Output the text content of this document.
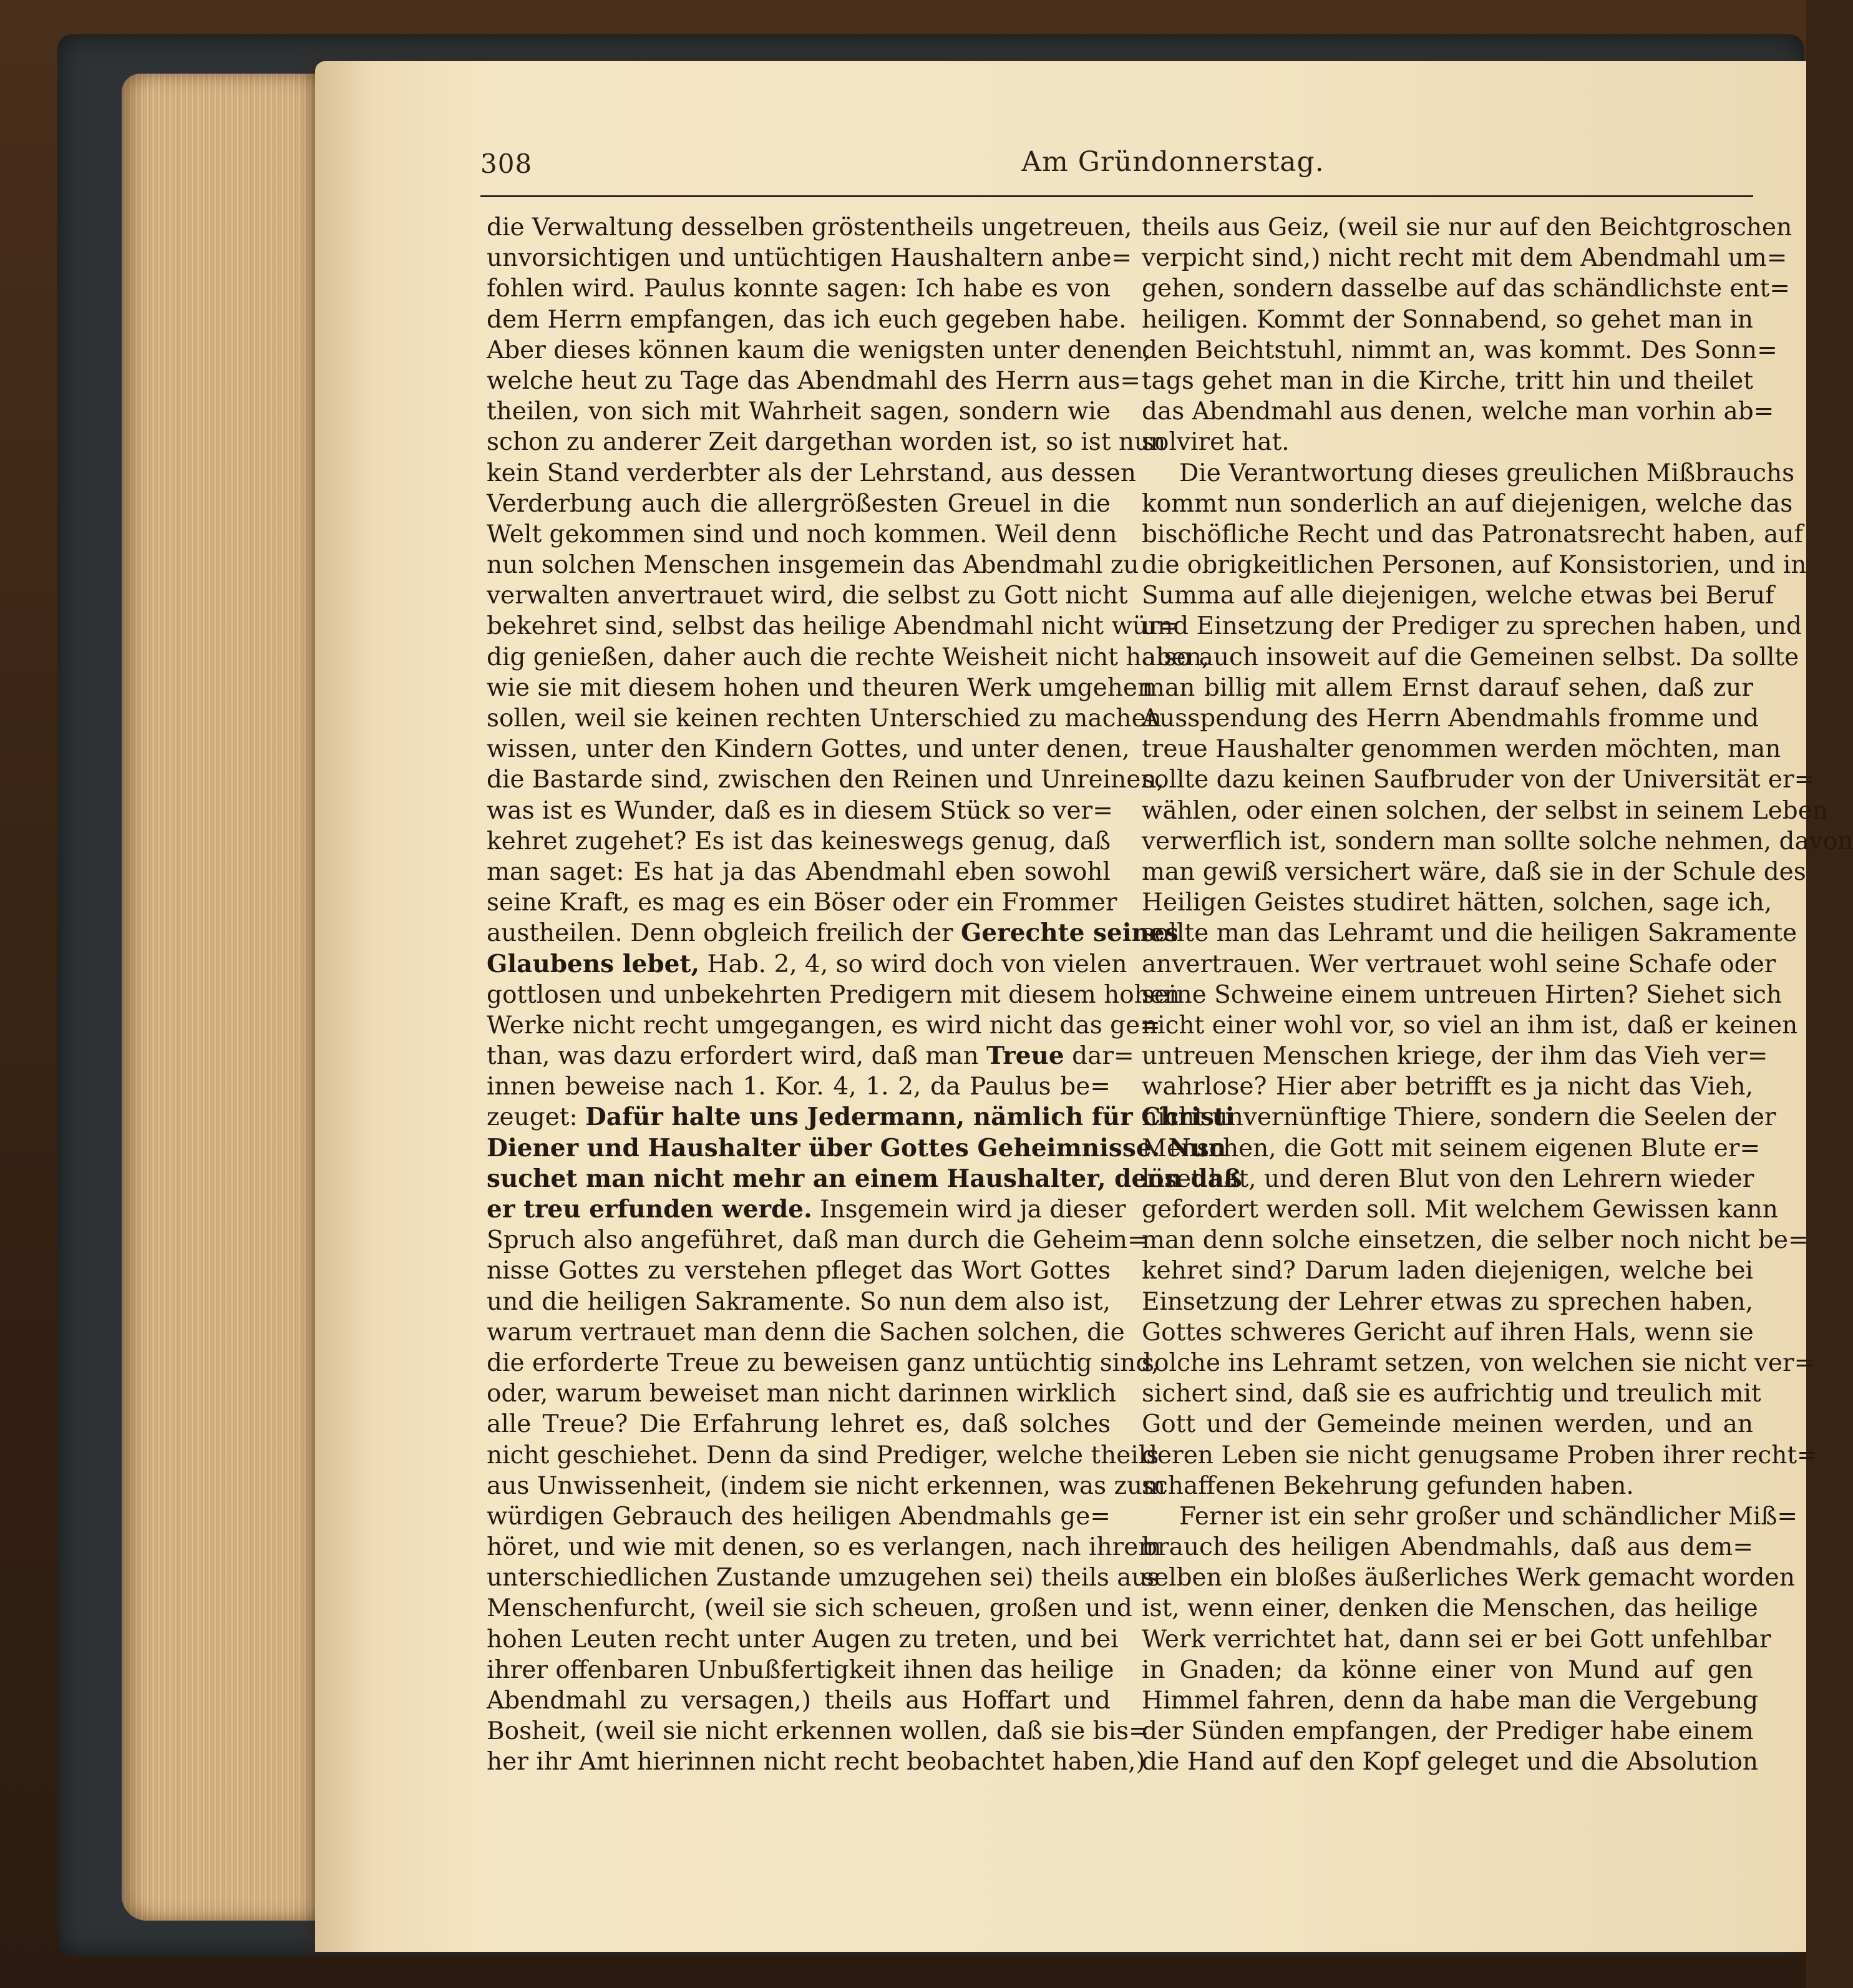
308	Am Gründonnerstag.
die Verwaltung desselben gröstentheils ungetreuen,
unvorsichtigen und untüchtigen Haushaltern anbe=
fohlen wird. Paulus konnte sagen: Ich habe es von
dem Herrn empfangen, das ich euch gegeben habe.
Aber dieses können kaum die wenigsten unter denen,
welche heut zu Tage das Abendmahl des Herrn aus=
theilen, von sich mit Wahrheit sagen, sondern wie
schon zu anderer Zeit dargethan worden ist, so ist nun
kein Stand verderbter als der Lehrstand, aus dessen
Verderbung auch die allergrößesten Greuel in die
Welt gekommen sind und noch kommen. Weil denn
nun solchen Menschen insgemein das Abendmahl zu
verwalten anvertrauet wird, die selbst zu Gott nicht
bekehret sind, selbst das heilige Abendmahl nicht wür=
dig genießen, daher auch die rechte Weisheit nicht haben,
wie sie mit diesem hohen und theuren Werk umgehen
sollen, weil sie keinen rechten Unterschied zu machen
wissen, unter den Kindern Gottes, und unter denen,
die Bastarde sind, zwischen den Reinen und Unreinen,
was ist es Wunder, daß es in diesem Stück so ver=
kehret zugehet? Es ist das keineswegs genug, daß
man saget: Es hat ja das Abendmahl eben sowohl
seine Kraft, es mag es ein Böser oder ein Frommer
austheilen. Denn obgleich freilich der Gerechte seines
Glaubens lebet, Hab. 2, 4, so wird doch von vielen
gottlosen und unbekehrten Predigern mit diesem hohen
Werke nicht recht umgegangen, es wird nicht das ge=
than, was dazu erfordert wird, daß man Treue dar=
innen beweise nach 1. Kor. 4, 1. 2, da Paulus be=
zeuget: Dafür halte uns Jedermann, nämlich für Christi
Diener und Haushalter über Gottes Geheimnisse. Nun
suchet man nicht mehr an einem Haushalter, denn daß
er treu erfunden werde. Insgemein wird ja dieser
Spruch also angeführet, daß man durch die Geheim=
nisse Gottes zu verstehen pfleget das Wort Gottes
und die heiligen Sakramente. So nun dem also ist,
warum vertrauet man denn die Sachen solchen, die
die erforderte Treue zu beweisen ganz untüchtig sind,
oder, warum beweiset man nicht darinnen wirklich
alle Treue? Die Erfahrung lehret es, daß solches
nicht geschiehet. Denn da sind Prediger, welche theils
aus Unwissenheit, (indem sie nicht erkennen, was zum
würdigen Gebrauch des heiligen Abendmahls ge=
höret, und wie mit denen, so es verlangen, nach ihrem
unterschiedlichen Zustande umzugehen sei) theils aus
Menschenfurcht, (weil sie sich scheuen, großen und
hohen Leuten recht unter Augen zu treten, und bei
ihrer offenbaren Unbußfertigkeit ihnen das heilige
Abendmahl zu versagen,) theils aus Hoffart und
Bosheit, (weil sie nicht erkennen wollen, daß sie bis=
her ihr Amt hierinnen nicht recht beobachtet haben,)
theils aus Geiz, (weil sie nur auf den Beichtgroschen
verpicht sind,) nicht recht mit dem Abendmahl um=
gehen, sondern dasselbe auf das schändlichste ent=
heiligen. Kommt der Sonnabend, so gehet man in
den Beichtstuhl, nimmt an, was kommt. Des Sonn=
tags gehet man in die Kirche, tritt hin und theilet
das Abendmahl aus denen, welche man vorhin ab=
solviret hat.
Die Verantwortung dieses greulichen Mißbrauchs
kommt nun sonderlich an auf diejenigen, welche das
bischöfliche Recht und das Patronatsrecht haben, auf
die obrigkeitlichen Personen, auf Konsistorien, und in
Summa auf alle diejenigen, welche etwas bei Beruf
und Einsetzung der Prediger zu sprechen haben, und
also auch insoweit auf die Gemeinen selbst. Da sollte
man billig mit allem Ernst darauf sehen, daß zur
Ausspendung des Herrn Abendmahls fromme und
treue Haushalter genommen werden möchten, man
sollte dazu keinen Saufbruder von der Universität er=
wählen, oder einen solchen, der selbst in seinem Leben
verwerflich ist, sondern man sollte solche nehmen, davon
man gewiß versichert wäre, daß sie in der Schule des
Heiligen Geistes studiret hätten, solchen, sage ich,
sollte man das Lehramt und die heiligen Sakramente
anvertrauen. Wer vertrauet wohl seine Schafe oder
seine Schweine einem untreuen Hirten? Siehet sich
nicht einer wohl vor, so viel an ihm ist, daß er keinen
untreuen Menschen kriege, der ihm das Vieh ver=
wahrlose? Hier aber betrifft es ja nicht das Vieh,
nicht unvernünftige Thiere, sondern die Seelen der
Menschen, die Gott mit seinem eigenen Blute er=
löset hat, und deren Blut von den Lehrern wieder
gefordert werden soll. Mit welchem Gewissen kann
man denn solche einsetzen, die selber noch nicht be=
kehret sind? Darum laden diejenigen, welche bei
Einsetzung der Lehrer etwas zu sprechen haben,
Gottes schweres Gericht auf ihren Hals, wenn sie
solche ins Lehramt setzen, von welchen sie nicht ver=
sichert sind, daß sie es aufrichtig und treulich mit
Gott und der Gemeinde meinen werden, und an
deren Leben sie nicht genugsame Proben ihrer recht=
schaffenen Bekehrung gefunden haben.
Ferner ist ein sehr großer und schändlicher Miß=
brauch des heiligen Abendmahls, daß aus dem=
selben ein bloßes äußerliches Werk gemacht worden
ist, wenn einer, denken die Menschen, das heilige
Werk verrichtet hat, dann sei er bei Gott unfehlbar
in Gnaden; da könne einer von Mund auf gen
Himmel fahren, denn da habe man die Vergebung
der Sünden empfangen, der Prediger habe einem
die Hand auf den Kopf geleget und die Absolution
